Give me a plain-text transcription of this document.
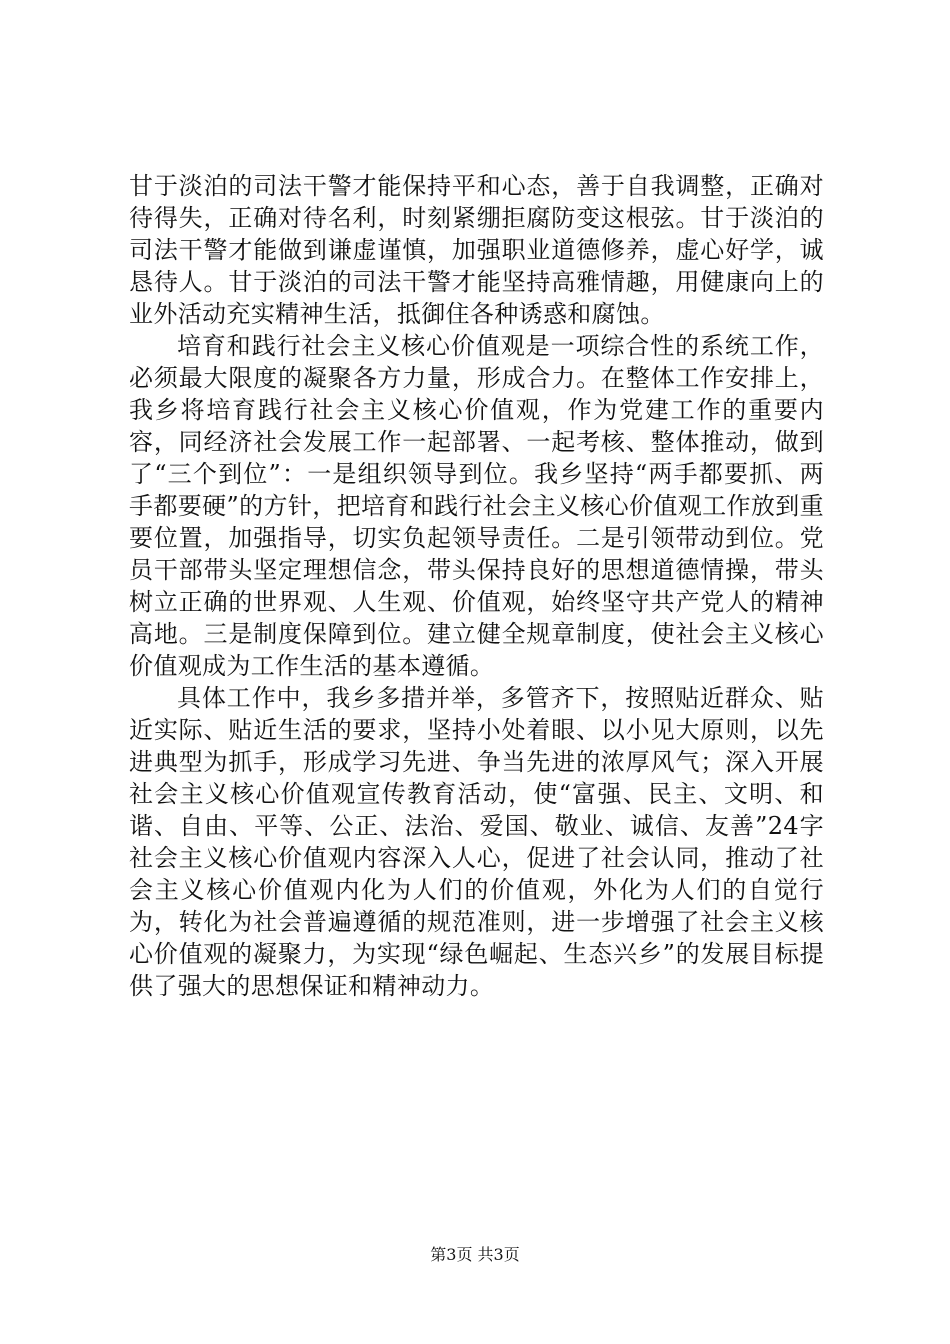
甘于淡泊的司法干警才能保持平和心态，善于自我调整，正确对待得失，正确对待名利，时刻紧绷拒腐防变这根弦。甘于淡泊的司法干警才能做到谦虚谨慎，加强职业道德修养，虚心好学，诚恳待人。甘于淡泊的司法干警才能坚持高雅情趣，用健康向上的业外活动充实精神生活，抵御住各种诱惑和腐蚀。

培育和践行社会主义核心价值观是一项综合性的系统工作，必须最大限度的凝聚各方力量，形成合力。在整体工作安排上，我乡将培育践行社会主义核心价值观，作为党建工作的重要内容，同经济社会发展工作一起部署、一起考核、整体推动，做到了“三个到位”：一是组织领导到位。我乡坚持“两手都要抓、两手都要硬”的方针，把培育和践行社会主义核心价值观工作放到重要位置，加强指导，切实负起领导责任。二是引领带动到位。党员干部带头坚定理想信念，带头保持良好的思想道德情操，带头树立正确的世界观、人生观、价值观，始终坚守共产党人的精神高地。三是制度保障到位。建立健全规章制度，使社会主义核心价值观成为工作生活的基本遵循。

具体工作中，我乡多措并举，多管齐下，按照贴近群众、贴近实际、贴近生活的要求，坚持小处着眼、以小见大原则，以先进典型为抓手，形成学习先进、争当先进的浓厚风气；深入开展社会主义核心价值观宣传教育活动，使“富强、民主、文明、和谐、自由、平等、公正、法治、爱国、敬业、诚信、友善”24字社会主义核心价值观内容深入人心，促进了社会认同，推动了社会主义核心价值观内化为人们的价值观，外化为人们的自觉行为，转化为社会普遍遵循的规范准则，进一步增强了社会主义核心价值观的凝聚力，为实现“绿色崛起、生态兴乡”的发展目标提供了强大的思想保证和精神动力。

第3页 共3页
